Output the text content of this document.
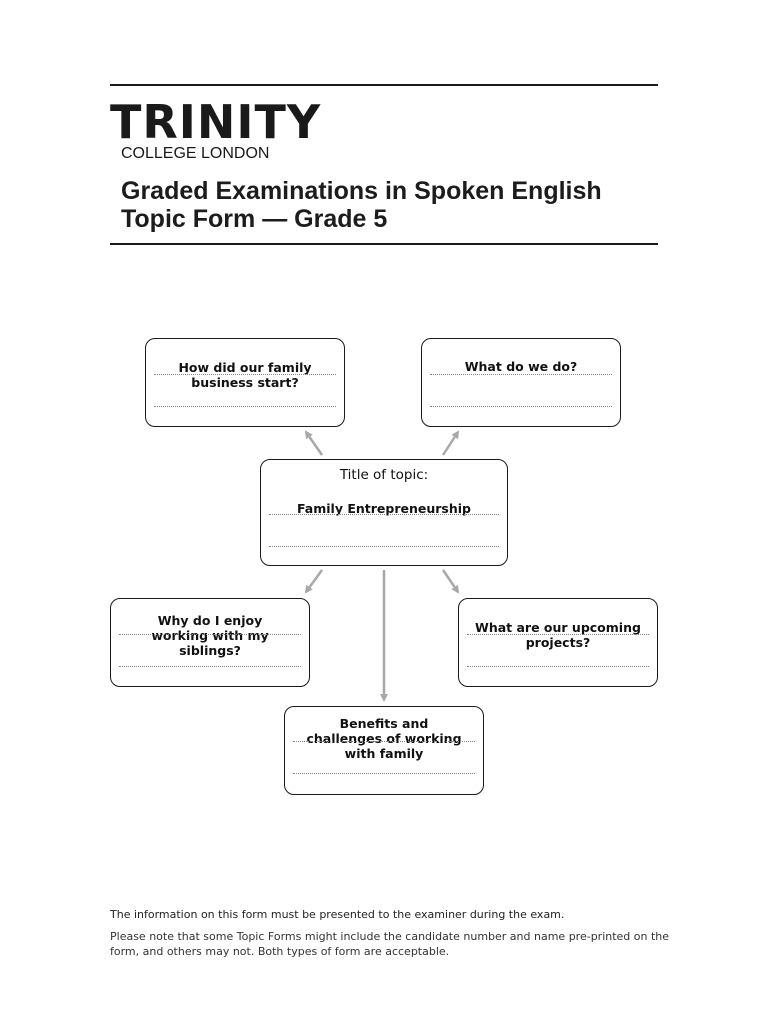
TRINITY
COLLEGE LONDON
Graded Examinations in Spoken English
Topic Form — Grade 5
How did our family business start?
What do we do?
Title of topic:
Family Entrepreneurship
Why do I enjoy working with my siblings?
What are our upcoming projects?
Benefits and challenges of working with family
The information on this form must be presented to the examiner during the exam.
Please note that some Topic Forms might include the candidate number and name pre-printed on the form, and others may not. Both types of form are acceptable.
